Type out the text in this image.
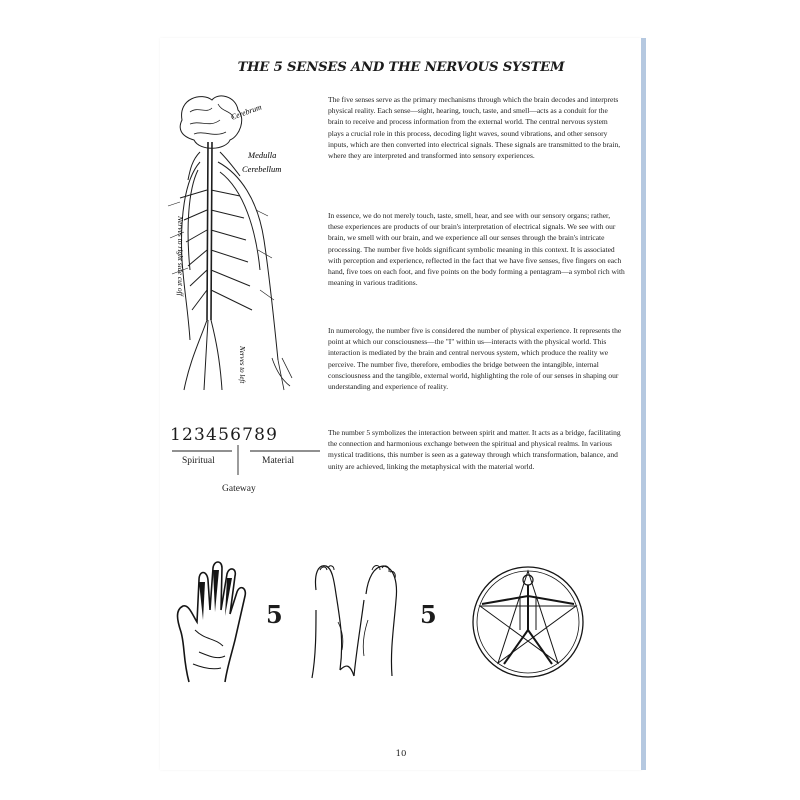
THE 5 SENSES AND THE NERVOUS SYSTEM
Cerebrum
Medulla
Cerebellum
Nerves to right side cut off
Nerves to left
123456789
Spiritual	Material
Gateway

The five senses serve as the primary mechanisms through which the brain decodes and interprets physical reality. Each sense—sight, hearing, touch, taste, and smell—acts as a conduit for the brain to receive and process information from the external world. The central nervous system plays a crucial role in this process, decoding light waves, sound vibrations, and other sensory inputs, which are then converted into electrical signals. These signals are transmitted to the brain, where they are interpreted and transformed into sensory experiences.

In essence, we do not merely touch, taste, smell, hear, and see with our sensory organs; rather, these experiences are products of our brain's interpretation of electrical signals. We see with our brain, we smell with our brain, and we experience all our senses through the brain's intricate processing. The number five holds significant symbolic meaning in this context. It is associated with perception and experience, reflected in the fact that we have five senses, five fingers on each hand, five toes on each foot, and five points on the body forming a pentagram—a symbol rich with meaning in various traditions.

In numerology, the number five is considered the number of physical experience. It represents the point at which our consciousness—the "I" within us—interacts with the physical world. This interaction is mediated by the brain and central nervous system, which produce the reality we perceive. The number five, therefore, embodies the bridge between the intangible, internal consciousness and the tangible, external world, highlighting the role of our senses in shaping our understanding and experience of reality.

The number 5 symbolizes the interaction between spirit and matter. It acts as a bridge, facilitating the connection and harmonious exchange between the spiritual and physical realms. In various mystical traditions, this number is seen as a gateway through which transformation, balance, and unity are achieved, linking the metaphysical with the material world.

5	5
10
